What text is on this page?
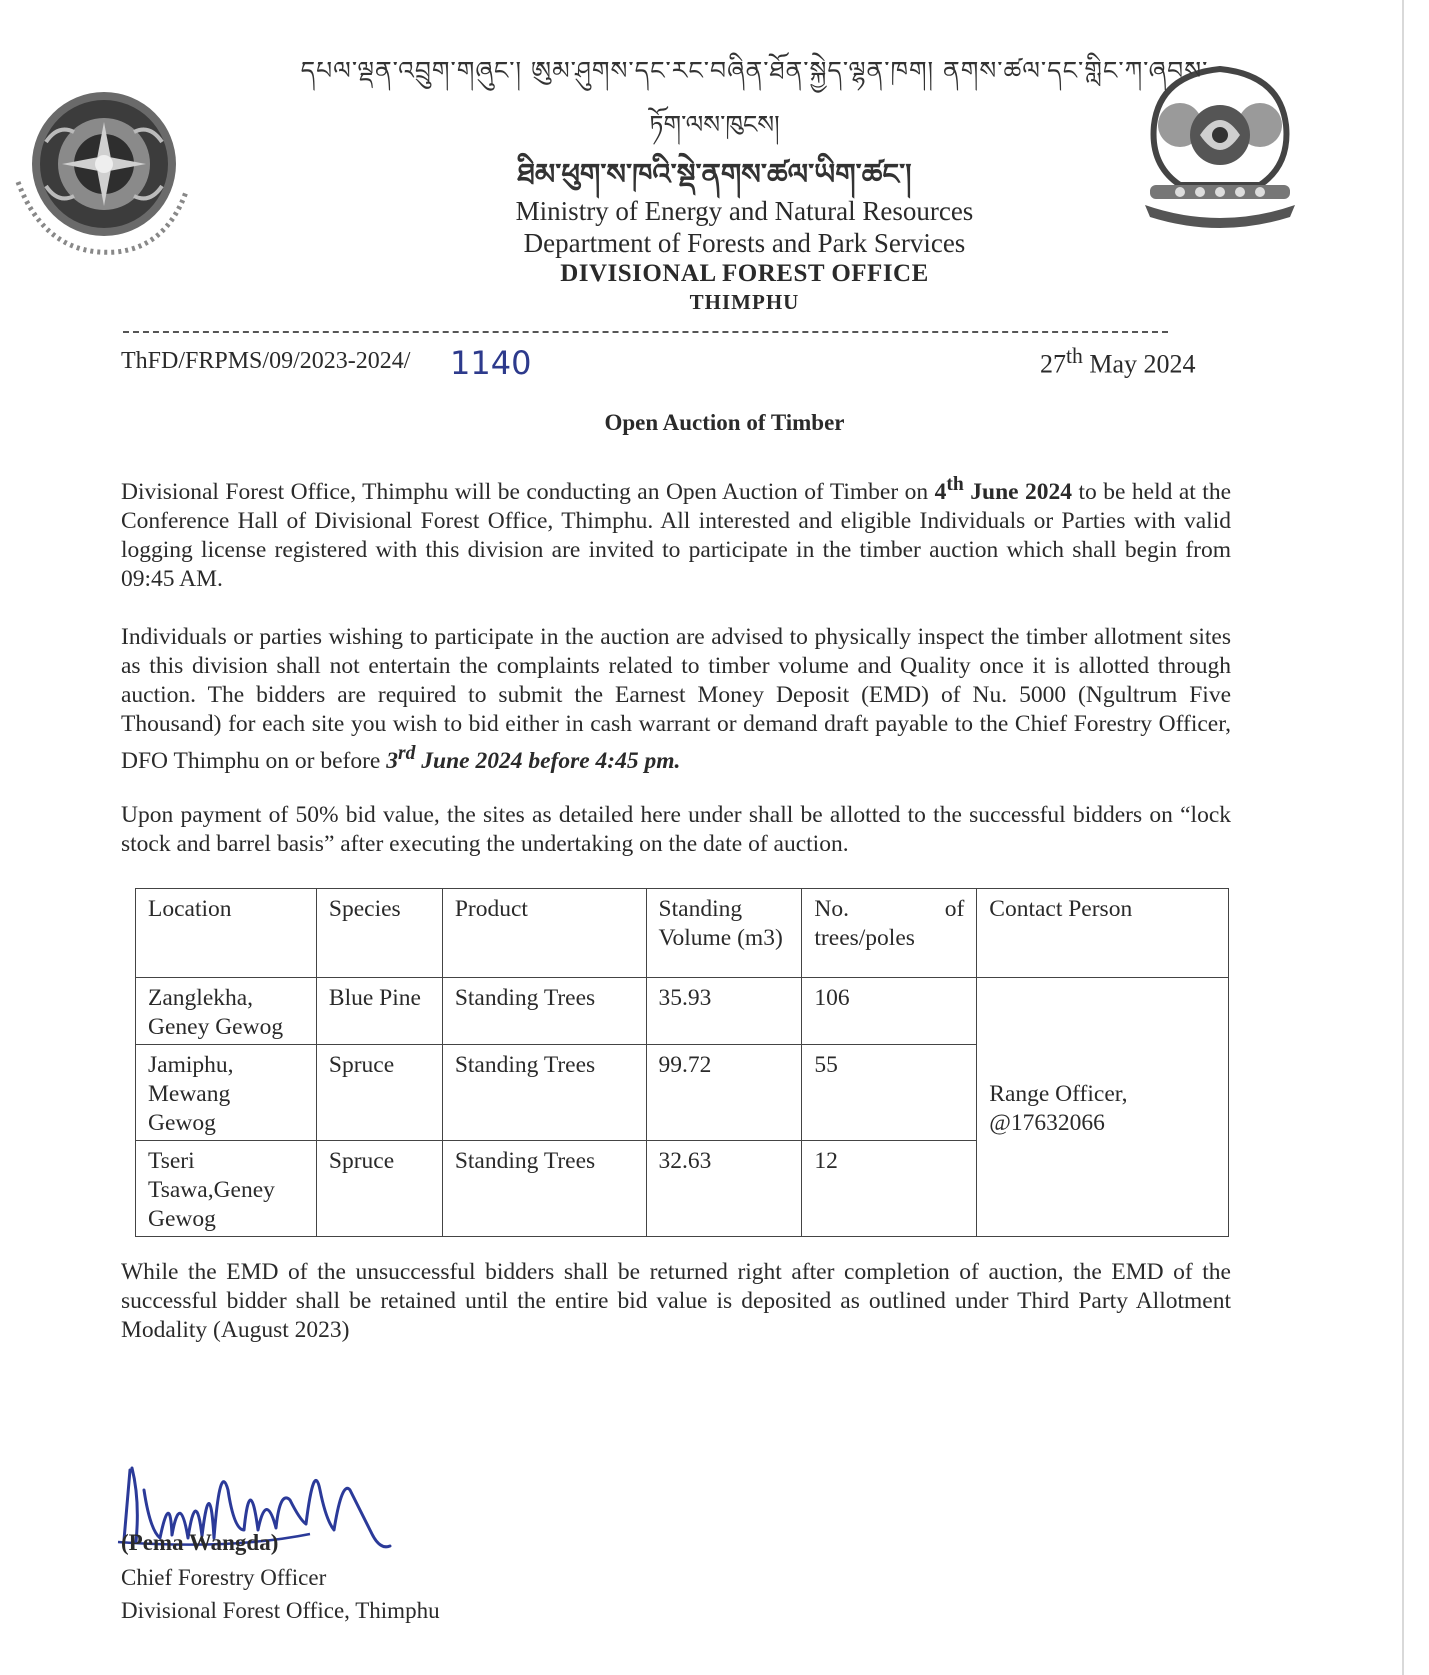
དཔལ་ལྡན་འབྲུག་གཞུང་། ཨུམ་ཤུགས་དང་རང་བཞིན་ཐོན་སྐྱེད་ལྷན་ཁག། ནགས་ཚལ་དང་གླིང་ཀ་ཞབས་
ཏོག་ལས་ཁུངས།
ཐིམ་ཕུག་ས་ཁའི་སྡེ་ནགས་ཚལ་ཡིག་ཚང་།
Ministry of Energy and Natural Resources
Department of Forests and Park Services
DIVISIONAL FOREST OFFICE
THIMPHU
ThFD/FRPMS/09/2023-2024/ 1140	27th May 2024
Open Auction of Timber
Divisional Forest Office, Thimphu will be conducting an Open Auction of Timber on 4th June 2024 to be held at the Conference Hall of Divisional Forest Office, Thimphu. All interested and eligible Individuals or Parties with valid logging license registered with this division are invited to participate in the timber auction which shall begin from 09:45 AM.
Individuals or parties wishing to participate in the auction are advised to physically inspect the timber allotment sites as this division shall not entertain the complaints related to timber volume and Quality once it is allotted through auction. The bidders are required to submit the Earnest Money Deposit (EMD) of Nu. 5000 (Ngultrum Five Thousand) for each site you wish to bid either in cash warrant or demand draft payable to the Chief Forestry Officer, DFO Thimphu on or before 3rd June 2024 before 4:45 pm.
Upon payment of 50% bid value, the sites as detailed here under shall be allotted to the successful bidders on “lock stock and barrel basis” after executing the undertaking on the date of auction.
Location	Species	Product	Standing Volume (m3)	No. of trees/poles	Contact Person
Zanglekha, Geney Gewog	Blue Pine	Standing Trees	35.93	106	Range Officer,
@17632066
Jamiphu, Mewang Gewog	Spruce	Standing Trees	99.72	55	
Tseri Tsawa,Geney Gewog	Spruce	Standing Trees	32.63	12	
While the EMD of the unsuccessful bidders shall be returned right after completion of auction, the EMD of the successful bidder shall be retained until the entire bid value is deposited as outlined under Third Party Allotment Modality (August 2023)
(Pema Wangda)
Chief Forestry Officer
Divisional Forest Office, Thimphu
